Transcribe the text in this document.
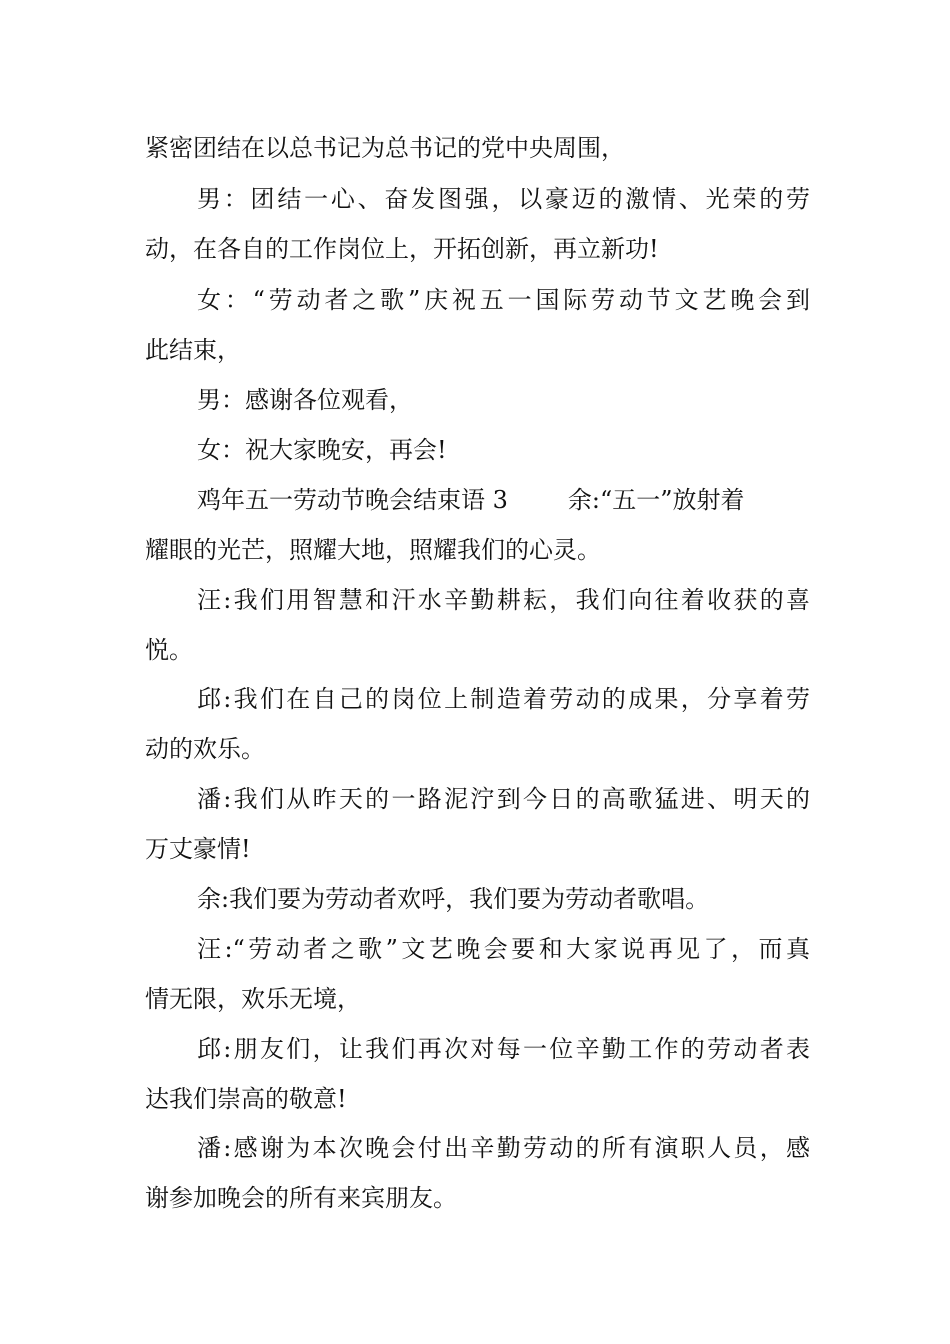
紧密团结在以总书记为总书记的党中央周围，
男：团结一心、奋发图强，以豪迈的激情、光荣的劳
动，在各自的工作岗位上，开拓创新，再立新功!
女：“劳动者之歌”庆祝五一国际劳动节文艺晚会到
此结束，
男：感谢各位观看，
女：祝大家晚安，再会!
鸡年五一劳动节晚会结束语 3	余:“五一”放射着
耀眼的光芒，照耀大地，照耀我们的心灵。
汪:我们用智慧和汗水辛勤耕耘，我们向往着收获的喜
悦。
邱:我们在自己的岗位上制造着劳动的成果，分享着劳
动的欢乐。
潘:我们从昨天的一路泥泞到今日的高歌猛进、明天的
万丈豪情!
余:我们要为劳动者欢呼，我们要为劳动者歌唱。
汪:“劳动者之歌”文艺晚会要和大家说再见了，而真
情无限，欢乐无境，
邱:朋友们，让我们再次对每一位辛勤工作的劳动者表
达我们崇高的敬意!
潘:感谢为本次晚会付出辛勤劳动的所有演职人员，感
谢参加晚会的所有来宾朋友。
